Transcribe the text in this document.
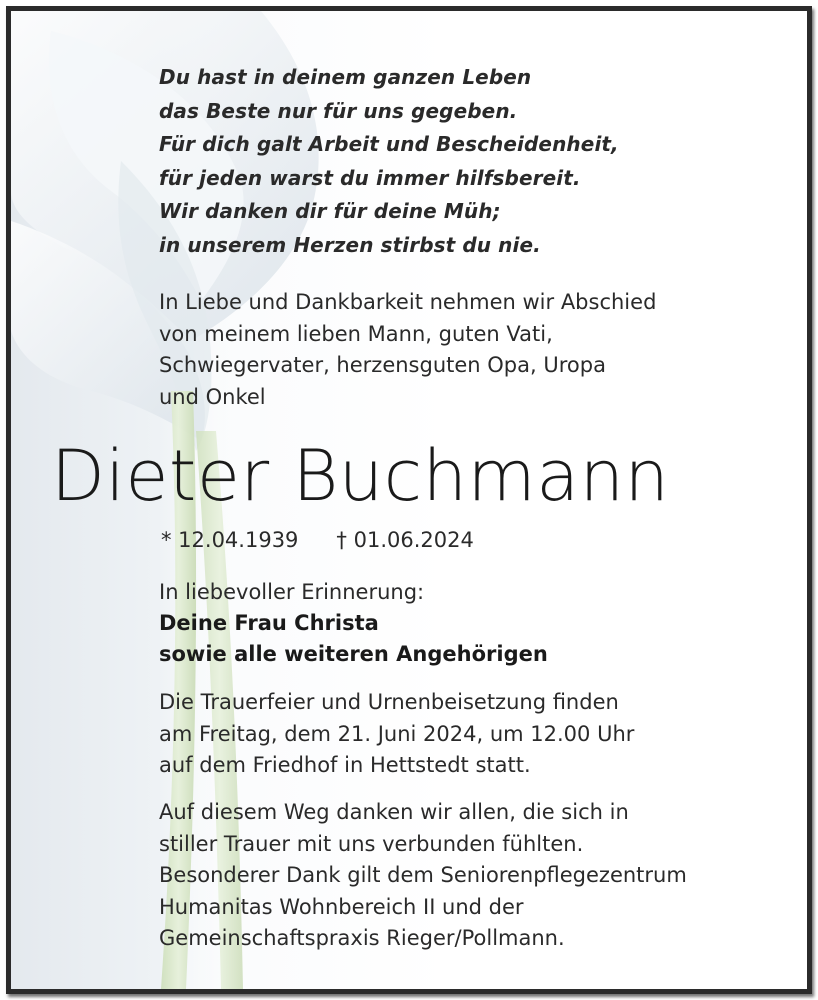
Du hast in deinem ganzen Leben
das Beste nur für uns gegeben.
Für dich galt Arbeit und Bescheidenheit,
für jeden warst du immer hilfsbereit.
Wir danken dir für deine Müh;
in unserem Herzen stirbst du nie.
In Liebe und Dankbarkeit nehmen wir Abschied
von meinem lieben Mann, guten Vati,
Schwiegervater, herzensguten Opa, Uropa
und Onkel
Dieter Buchmann
* 12.04.1939 † 01.06.2024
In liebevoller Erinnerung:
Deine Frau Christa
sowie alle weiteren Angehörigen
Die Trauerfeier und Urnenbeisetzung finden
am Freitag, dem 21. Juni 2024, um 12.00 Uhr
auf dem Friedhof in Hettstedt statt.
Auf diesem Weg danken wir allen, die sich in
stiller Trauer mit uns verbunden fühlten.
Besonderer Dank gilt dem Seniorenpflegezentrum
Humanitas Wohnbereich II und der
Gemeinschaftspraxis Rieger/Pollmann.
